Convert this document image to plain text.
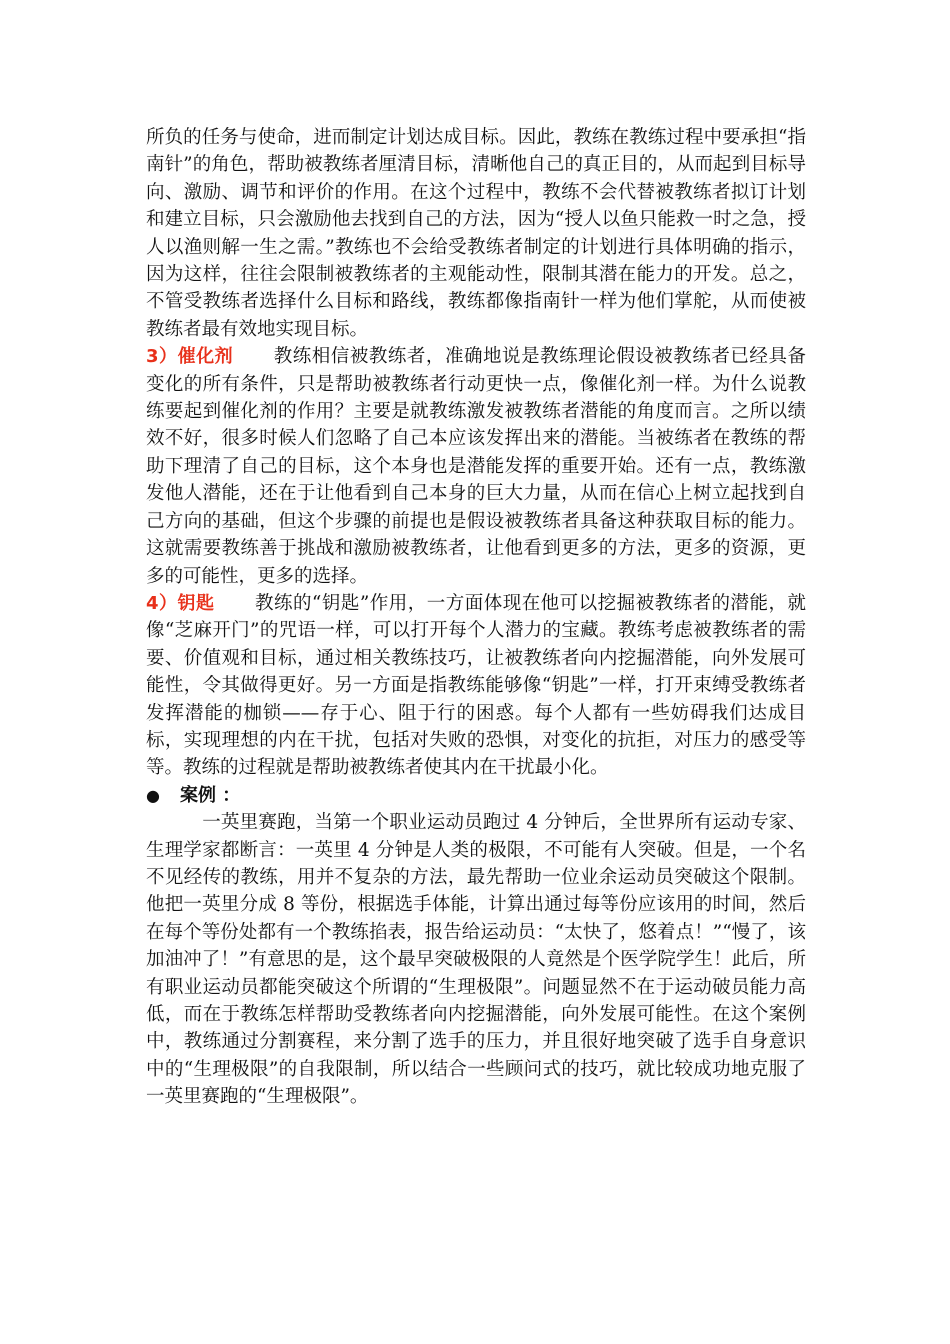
所负的任务与使命，进而制定计划达成目标。因此，教练在教练过程中要承担“指南针”的角色，帮助被教练者厘清目标，清晰他自己的真正目的，从而起到目标导向、激励、调节和评价的作用。在这个过程中，教练不会代替被教练者拟订计划和建立目标，只会激励他去找到自己的方法，因为“授人以鱼只能救一时之急，授人以渔则解一生之需。”教练也不会给受教练者制定的计划进行具体明确的指示，因为这样，往往会限制被教练者的主观能动性，限制其潜在能力的开发。总之，不管受教练者选择什么目标和路线，教练都像指南针一样为他们掌舵，从而使被教练者最有效地实现目标。

3）催化剂 教练相信被教练者，准确地说是教练理论假设被教练者已经具备变化的所有条件，只是帮助被教练者行动更快一点，像催化剂一样。为什么说教练要起到催化剂的作用？主要是就教练激发被教练者潜能的角度而言。之所以绩效不好，很多时候人们忽略了自己本应该发挥出来的潜能。当被练者在教练的帮助下理清了自己的目标，这个本身也是潜能发挥的重要开始。还有一点，教练激发他人潜能，还在于让他看到自己本身的巨大力量，从而在信心上树立起找到自己方向的基础，但这个步骤的前提也是假设被教练者具备这种获取目标的能力。这就需要教练善于挑战和激励被教练者，让他看到更多的方法，更多的资源，更多的可能性，更多的选择。

4）钥匙 教练的“钥匙”作用，一方面体现在他可以挖掘被教练者的潜能，就像“芝麻开门”的咒语一样，可以打开每个人潜力的宝藏。教练考虑被教练者的需要、价值观和目标，通过相关教练技巧，让被教练者向内挖掘潜能，向外发展可能性，令其做得更好。另一方面是指教练能够像“钥匙”一样，打开束缚受教练者发挥潜能的枷锁——存于心、阻于行的困惑。每个人都有一些妨碍我们达成目标，实现理想的内在干扰，包括对失败的恐惧，对变化的抗拒，对压力的感受等等。教练的过程就是帮助被教练者使其内在干扰最小化。

● 案例 ：

一英里赛跑，当第一个职业运动员跑过 4 分钟后，全世界所有运动专家、生理学家都断言：一英里 4 分钟是人类的极限，不可能有人突破。但是，一个名不见经传的教练，用并不复杂的方法，最先帮助一位业余运动员突破这个限制。他把一英里分成 8 等份，根据选手体能，计算出通过每等份应该用的时间，然后在每个等份处都有一个教练掐表，报告给运动员：“太快了，悠着点！”“慢了，该加油冲了！”有意思的是，这个最早突破极限的人竟然是个医学院学生！此后，所有职业运动员都能突破这个所谓的“生理极限”。问题显然不在于运动破员能力高低，而在于教练怎样帮助受教练者向内挖掘潜能，向外发展可能性。在这个案例中，教练通过分割赛程，来分割了选手的压力，并且很好地突破了选手自身意识中的“生理极限”的自我限制，所以结合一些顾问式的技巧，就比较成功地克服了一英里赛跑的“生理极限”。
